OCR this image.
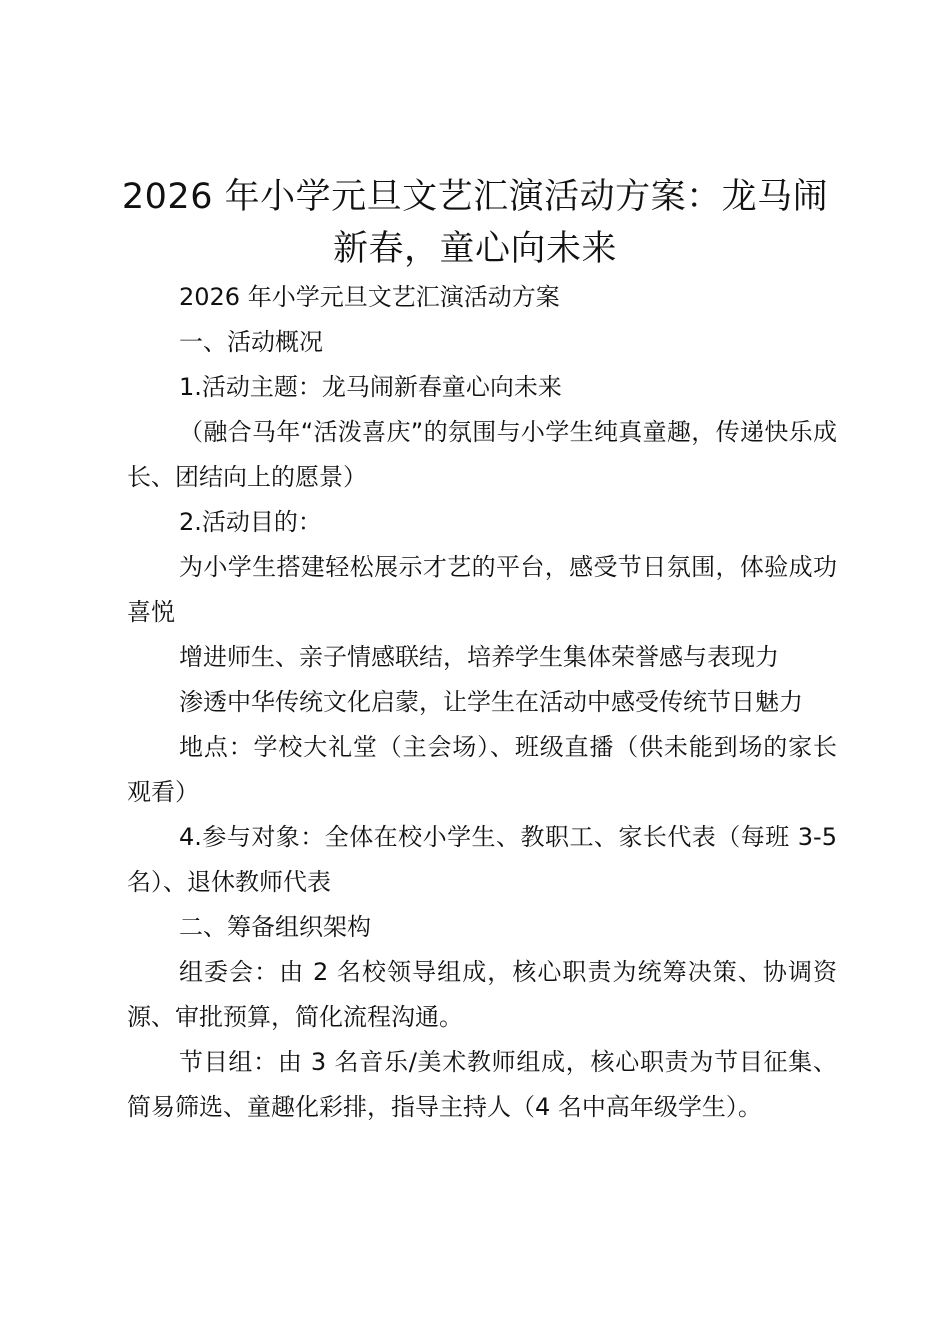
2026 年小学元旦文艺汇演活动方案：龙马闹新春，童心向未来

2026 年小学元旦文艺汇演活动方案

一、活动概况

1.活动主题：龙马闹新春童心向未来

（融合马年“活泼喜庆”的氛围与小学生纯真童趣，传递快乐成长、团结向上的愿景）

2.活动目的：

为小学生搭建轻松展示才艺的平台，感受节日氛围，体验成功喜悦

增进师生、亲子情感联结，培养学生集体荣誉感与表现力

渗透中华传统文化启蒙，让学生在活动中感受传统节日魅力

地点：学校大礼堂（主会场）、班级直播（供未能到场的家长观看）

4.参与对象：全体在校小学生、教职工、家长代表（每班 3-5 名）、退休教师代表

二、筹备组织架构

组委会：由 2 名校领导组成，核心职责为统筹决策、协调资源、审批预算，简化流程沟通。

节目组：由 3 名音乐/美术教师组成，核心职责为节目征集、简易筛选、童趣化彩排，指导主持人（4 名中高年级学生）。
